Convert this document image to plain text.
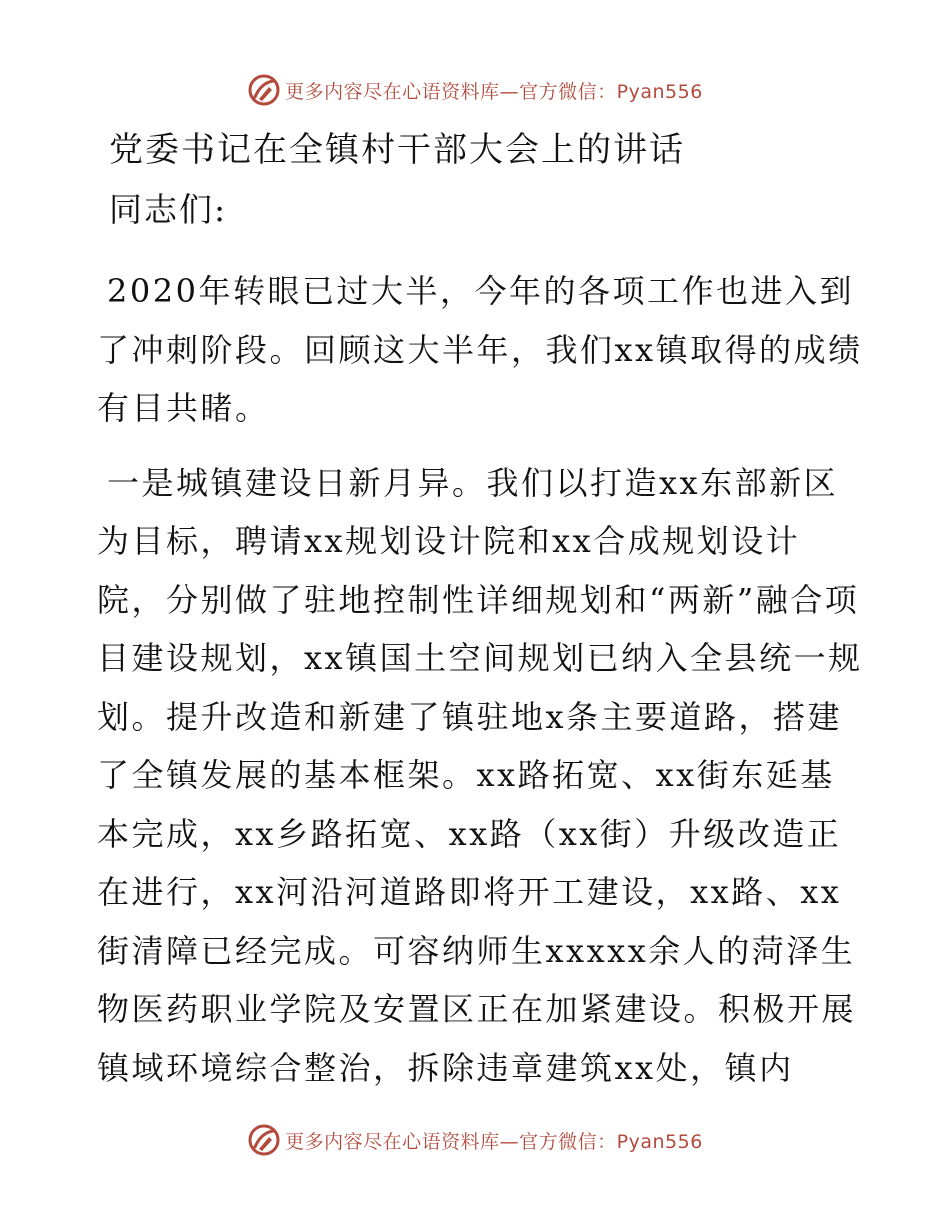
更多内容尽在心语资料库—官方微信：Pyan556
党委书记在全镇村干部大会上的讲话

同志们:

2020年转眼已过大半，今年的各项工作也进入到了冲刺阶段。回顾这大半年，我们xx镇取得的成绩有目共睹。

一是城镇建设日新月异。我们以打造xx东部新区为目标，聘请xx规划设计院和xx合成规划设计院，分别做了驻地控制性详细规划和“两新”融合项目建设规划，xx镇国土空间规划已纳入全县统一规划。提升改造和新建了镇驻地x条主要道路，搭建了全镇发展的基本框架。xx路拓宽、xx街东延基本完成，xx乡路拓宽、xx路（xx街）升级改造正在进行，xx河沿河道路即将开工建设，xx路、xx街清障已经完成。可容纳师生xxxxx余人的菏泽生物医药职业学院及安置区正在加紧建设。积极开展镇域环境综合整治，拆除违章建筑xx处，镇内

更多内容尽在心语资料库—官方微信：Pyan556
